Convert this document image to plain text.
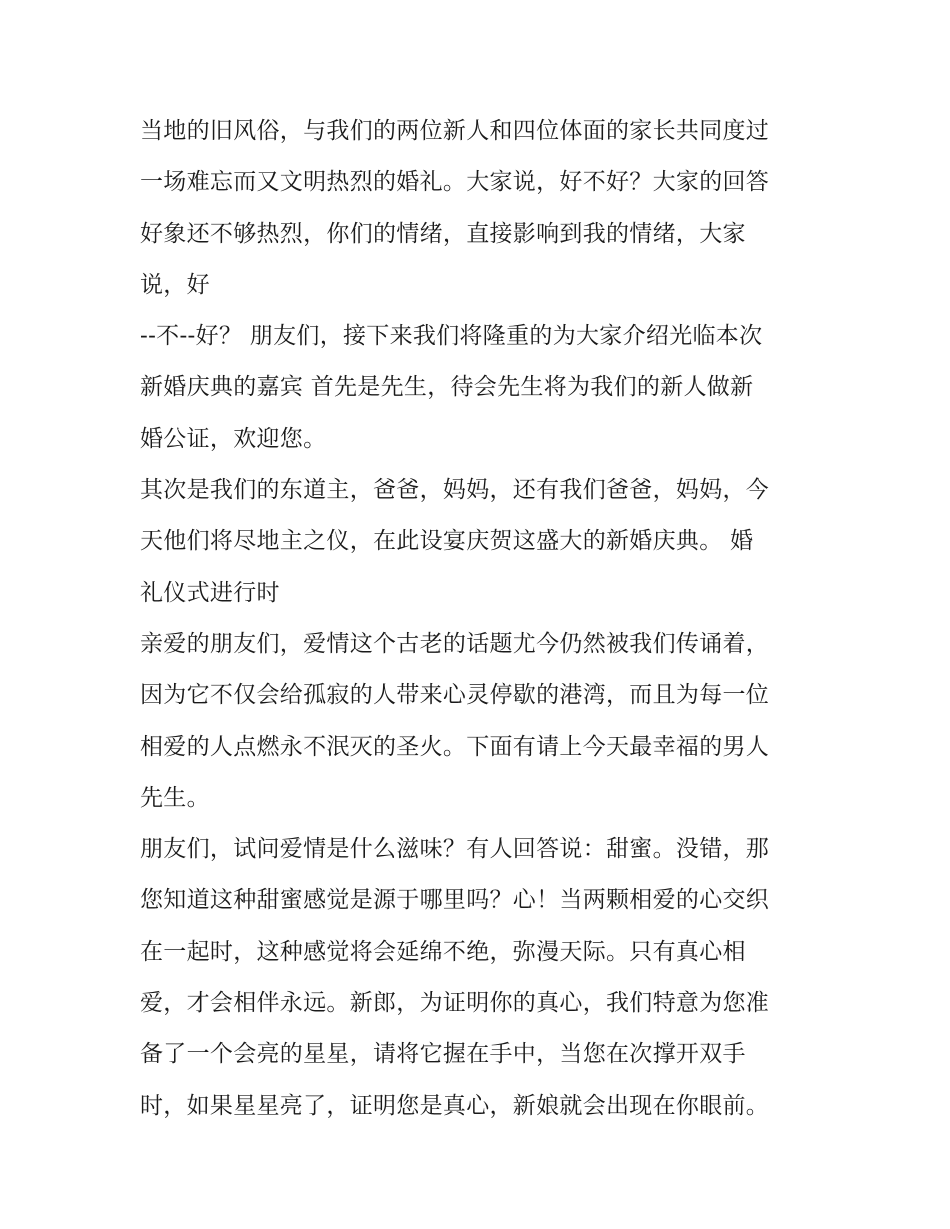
当地的旧风俗，与我们的两位新人和四位体面的家长共同度过
一场难忘而又文明热烈的婚礼。大家说，好不好？大家的回答
好象还不够热烈，你们的情绪，直接影响到我的情绪，大家
说，好
--不--好？ 朋友们，接下来我们将隆重的为大家介绍光临本次
新婚庆典的嘉宾 首先是先生，待会先生将为我们的新人做新
婚公证，欢迎您。
其次是我们的东道主，爸爸，妈妈，还有我们爸爸，妈妈，今
天他们将尽地主之仪，在此设宴庆贺这盛大的新婚庆典。 婚
礼仪式进行时
亲爱的朋友们，爱情这个古老的话题尤今仍然被我们传诵着，
因为它不仅会给孤寂的人带来心灵停歇的港湾，而且为每一位
相爱的人点燃永不泯灭的圣火。下面有请上今天最幸福的男人
先生。
朋友们，试问爱情是什么滋味？有人回答说：甜蜜。没错，那
您知道这种甜蜜感觉是源于哪里吗？心！当两颗相爱的心交织
在一起时，这种感觉将会延绵不绝，弥漫天际。只有真心相
爱，才会相伴永远。新郎，为证明你的真心，我们特意为您准
备了一个会亮的星星，请将它握在手中，当您在次撑开双手
时，如果星星亮了，证明您是真心，新娘就会出现在你眼前。
